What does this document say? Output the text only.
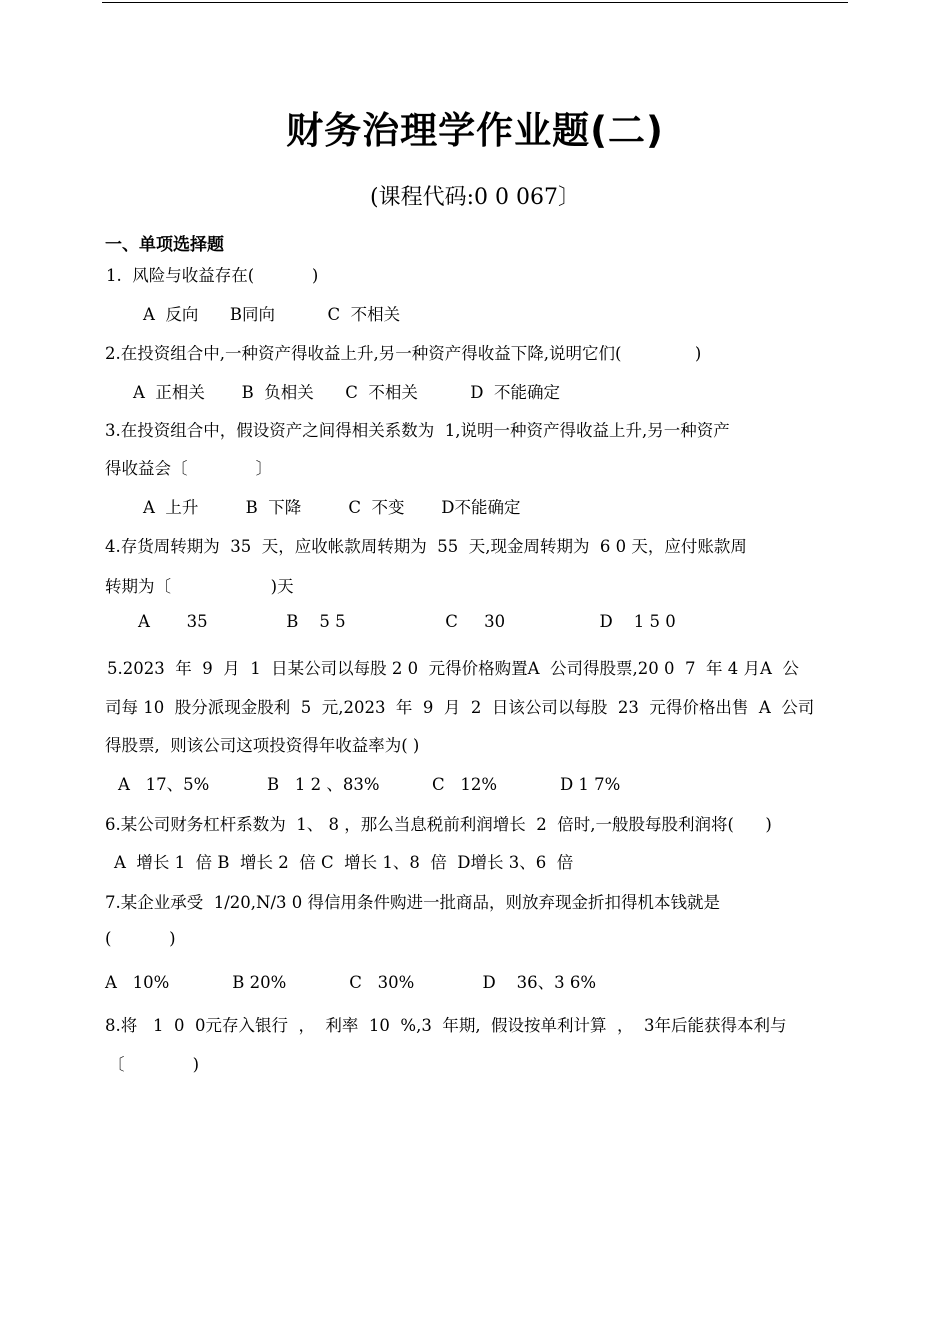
财务治理学作业题(二)
(课程代码:0 0 067〕
一、单项选择题
1.  风险与收益存在(           )
A  反向      B同向          C  不相关
2.在投资组合中,一种资产得收益上升,另一种资产得收益下降,说明它们(              )
A  正相关       B  负相关      C  不相关          D  不能确定
3.在投资组合中，假设资产之间得相关系数为  1,说明一种资产得收益上升,另一种资产
得收益会〔             〕
A  上升         B  下降         C  不变       D不能确定
4.存货周转期为  35  天，应收帐款周转期为  55  天,现金周转期为  6 0 天，应付账款周
转期为〔                   )天
A       35               B    5 5                   C     30                  D    1 5 0
5.2023  年  9  月  1  日某公司以每股 2 0  元得价格购置A  公司得股票,20 0  7  年 4 月A  公
司每 10  股分派现金股利  5  元,2023  年  9  月  2  日该公司以每股  23  元得价格出售  A  公司
得股票,  则该公司这项投资得年收益率为( )
A   17、5%           B   1 2 、83%          C   12%            D 1 7%
6.某公司财务杠杆系数为  1、 8 ，那么当息税前利润增长  2  倍时,一般股每股利润将(      )
A  增长 1  倍 B  增长 2  倍 C  增长 1、8  倍  D增长 3、6  倍
7.某企业承受  1/20,N/3 0 得信用条件购进一批商品，则放弃现金折扣得机本钱就是
(           )
A   10%            B 20%            C   30%             D    36、3 6%
8.将   1  0  0元存入银行  ，  利率  10  %,3  年期,  假设按单利计算  ，  3年后能获得本利与
〔             )
